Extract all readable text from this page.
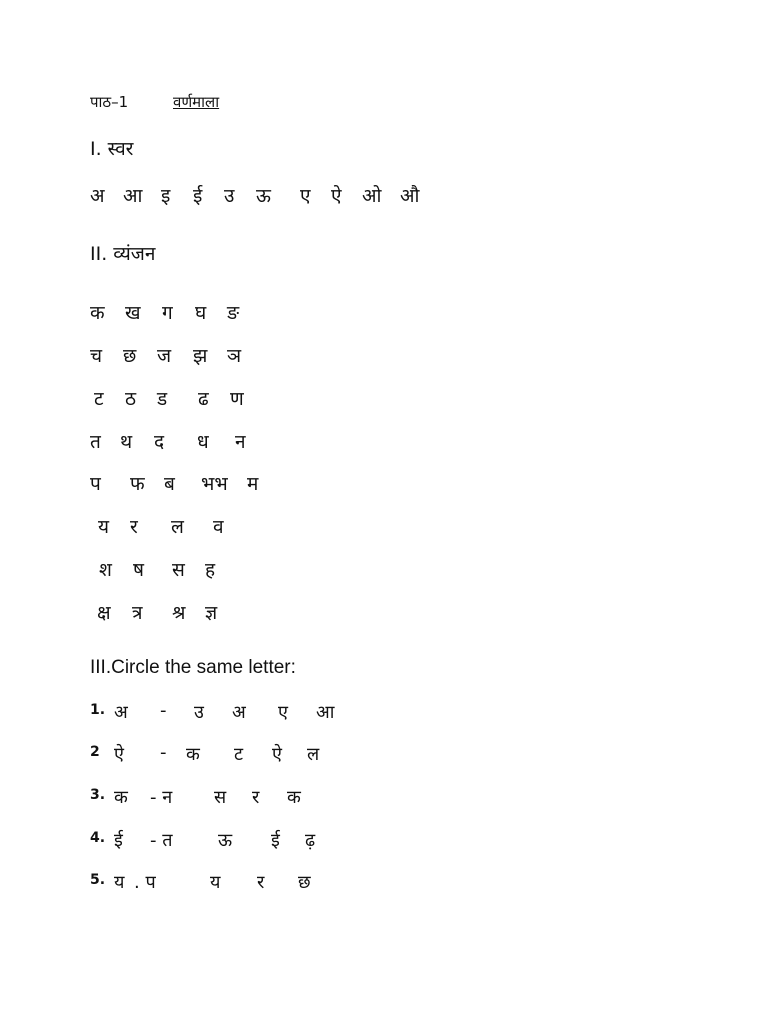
पाठ–1	वर्णमाला
I. स्वर
अ आ इ ई उ ऊ ए ऐ ओ औ
II. व्यंजन
क ख ग घ ङ
च छ ज झ ञ
ट ठ ड ढ ण
त थ द ध न
प फ ब भभ म
य र ल व
श ष स ह
क्ष त्र श्र ज्ञ
III.Circle the same letter:
1. अ - उ अ ए आ
2 ऐ - क ट ऐ ल
3. क - न स र क
4. ई - त	ऊ ई ढ़
5. य . प	य र छ
